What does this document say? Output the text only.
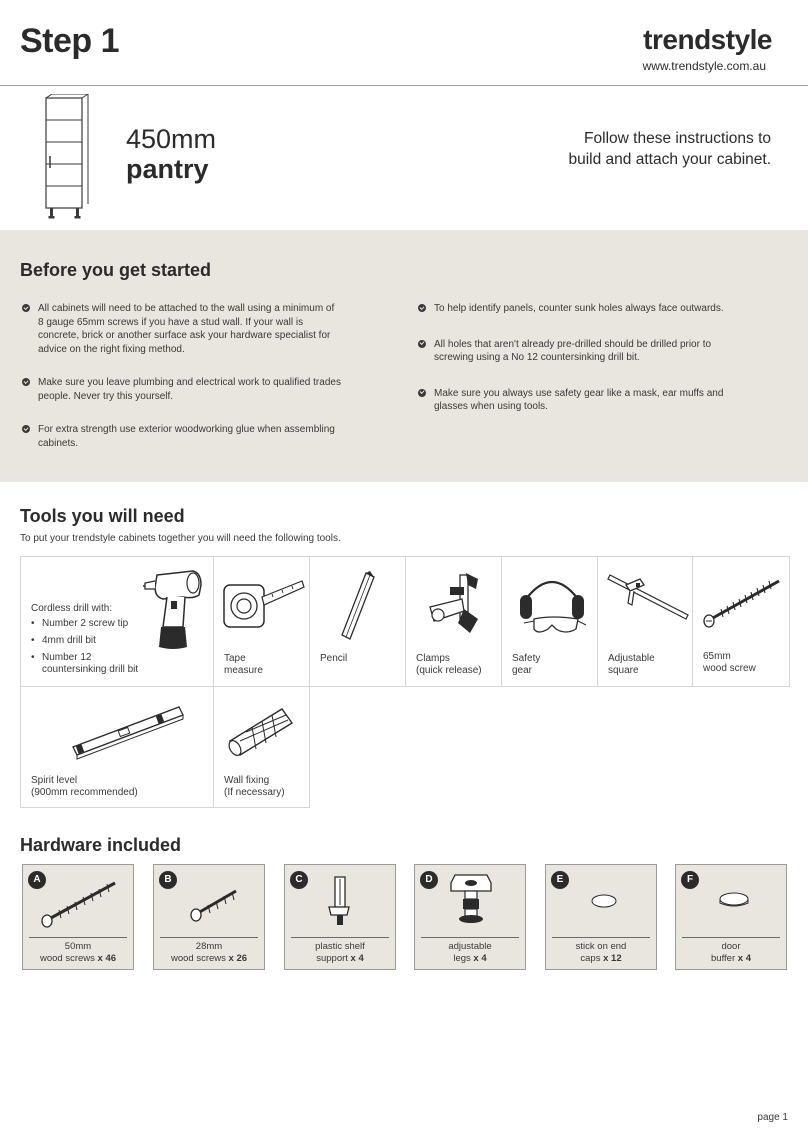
Step 1	trendstyle
www.trendstyle.com.au
450mm
pantry
Follow these instructions to
build and attach your cabinet.
Before you get started
All cabinets will need to be attached to the wall using a minimum of 8 gauge 65mm screws if you have a stud wall. If your wall is concrete, brick or another surface ask your hardware specialist for advice on the right fixing method.
Make sure you leave plumbing and electrical work to qualified trades people. Never try this yourself.
For extra strength use exterior woodworking glue when assembling cabinets.
To help identify panels, counter sunk holes always face outwards.
All holes that aren't already pre-drilled should be drilled prior to screwing using a No 12 countersinking drill bit.
Make sure you always use safety gear like a mask, ear muffs and glasses when using tools.
Tools you will need
To put your trendstyle cabinets together you will need the following tools.
Cordless drill with:
• Number 2 screw tip
• 4mm drill bit
• Number 12
countersinking drill bit
Tape
measure
Pencil	Clamps
(quick release)
Safety
gear
Adjustable
square
65mm
wood screw
Spirit level
(900mm recommended)
Wall fixing
(If necessary)
Hardware included
A
50mm
wood screws x 46
B
28mm
wood screws x 26
C
plastic shelf
support x 4
D
adjustable
legs x 4
E
stick on end
caps x 12
F
door
buffer x 4
page 1
